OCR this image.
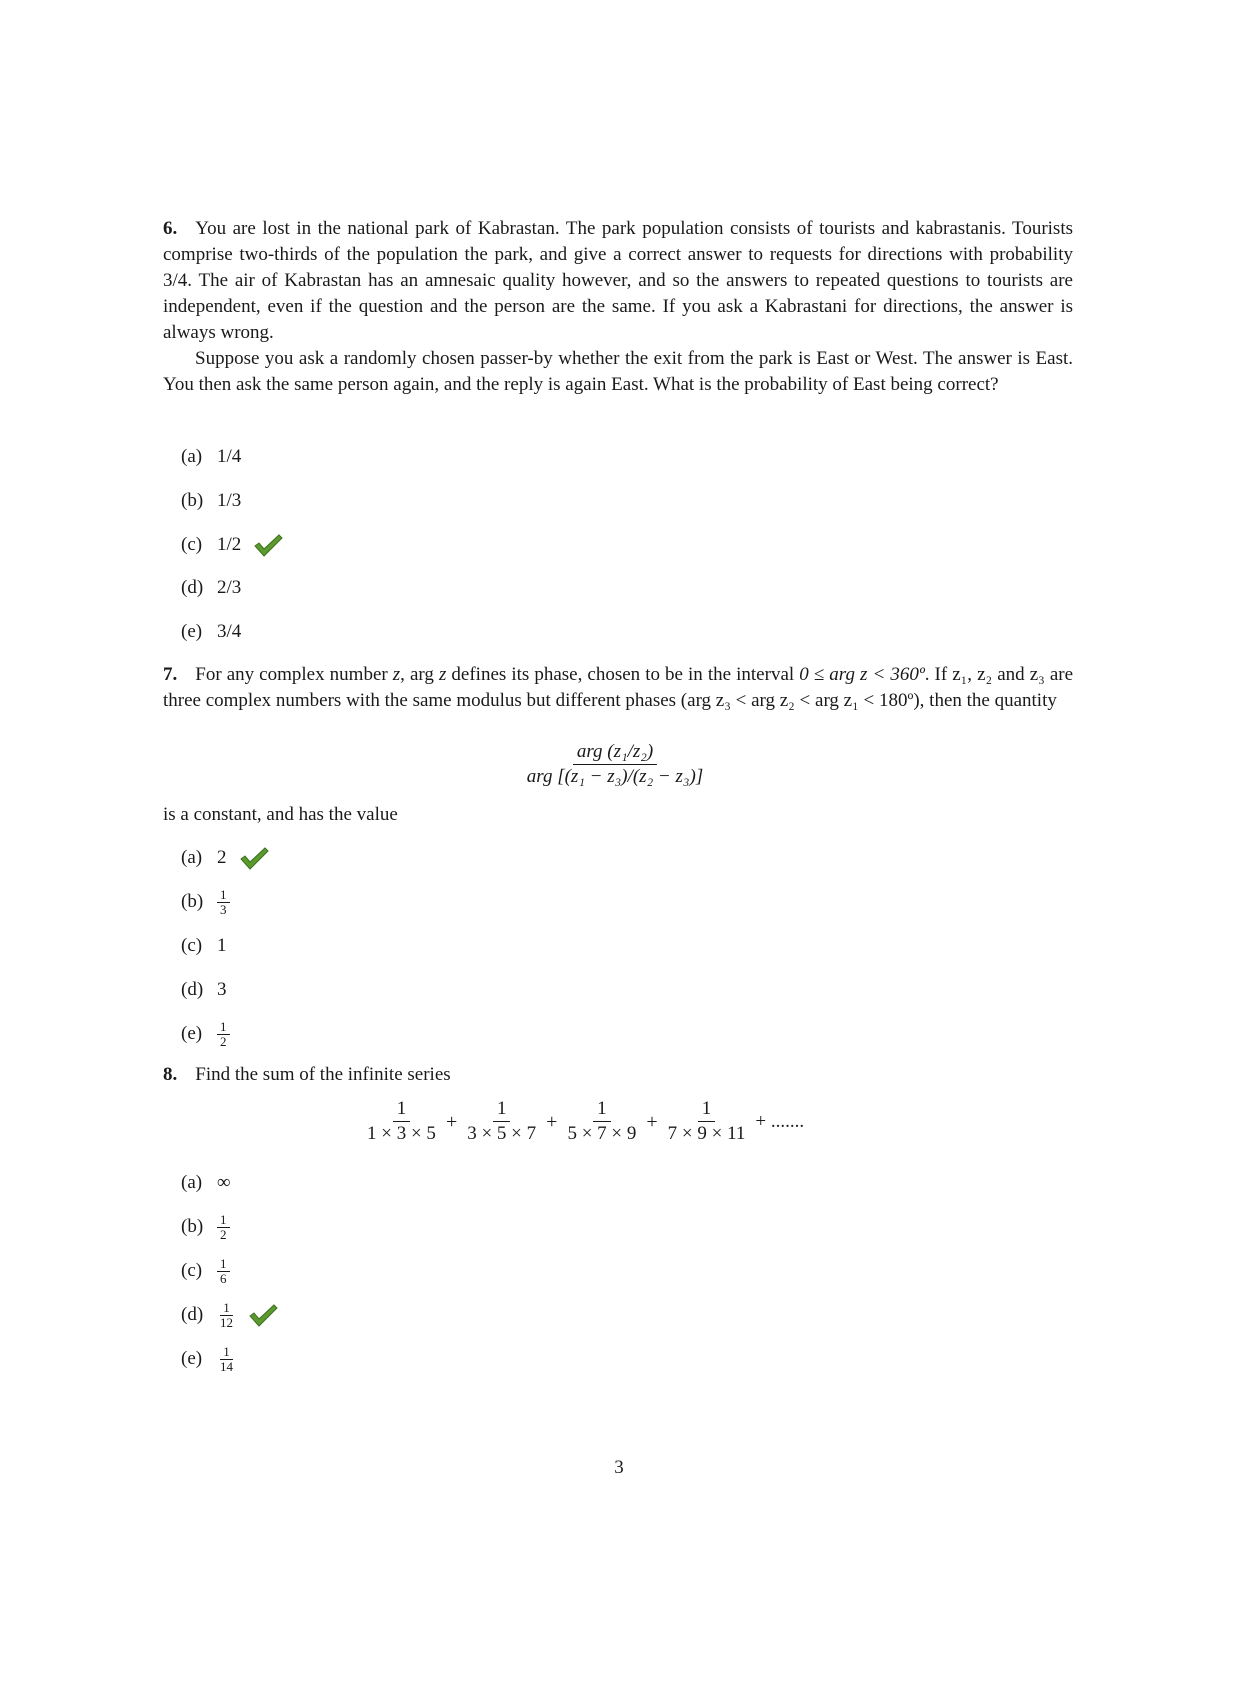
6. You are lost in the national park of Kabrastan. The park population consists of tourists and kabrastanis. Tourists comprise two-thirds of the population the park, and give a correct answer to requests for directions with probability 3/4. The air of Kabrastan has an amnesaic quality however, and so the answers to repeated questions to tourists are independent, even if the question and the person are the same. If you ask a Kabrastani for directions, the answer is always wrong.

Suppose you ask a randomly chosen passer-by whether the exit from the park is East or West. The answer is East. You then ask the same person again, and the reply is again East. What is the probability of East being correct?

(a) 1/4
(b) 1/3
(c) 1/2
(d) 2/3
(e) 3/4

7. For any complex number z, arg z defines its phase, chosen to be in the interval 0 ≤ arg z < 360º. If z₁, z₂ and z₃ are three complex numbers with the same modulus but different phases (arg z₃ < arg z₂ < arg z₁ < 180º), then the quantity

arg (z₁/z₂)
arg [(z₁ − z₃)/(z₂ − z₃)]
is a constant, and has the value
(a) 2
(b)	$\frac{1}{3}$
(c) 1
(d) 3
(e)	$\frac{1}{2}$

8. Find the sum of the infinite series

1
1 × 3 × 5
+ $\frac{1}{3 \times 5 \times 7} + \frac{1}{5 \times 7 \times 9} + \frac{1}{7 \times 9 \times 11}$ + .......
(a) ∞
(b)	$\frac{1}{2}$
(c)	$\frac{1}{6}$
(d)	$\frac{1}{12}$
(e)	$\frac{1}{14}$
3
